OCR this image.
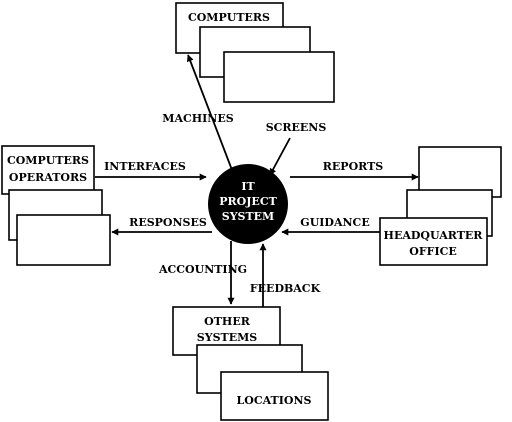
COMPUTERS
COMPUTERS
OPERATORS
HEADQUARTER
OFFICE
OTHER
SYSTEMS
LOCATIONS
MACHINES
SCREENS
INTERFACES	REPORTS
RESPONSES	GUIDANCE
ACCOUNTING
FEEDBACK
IT
PROJECT
SYSTEM
